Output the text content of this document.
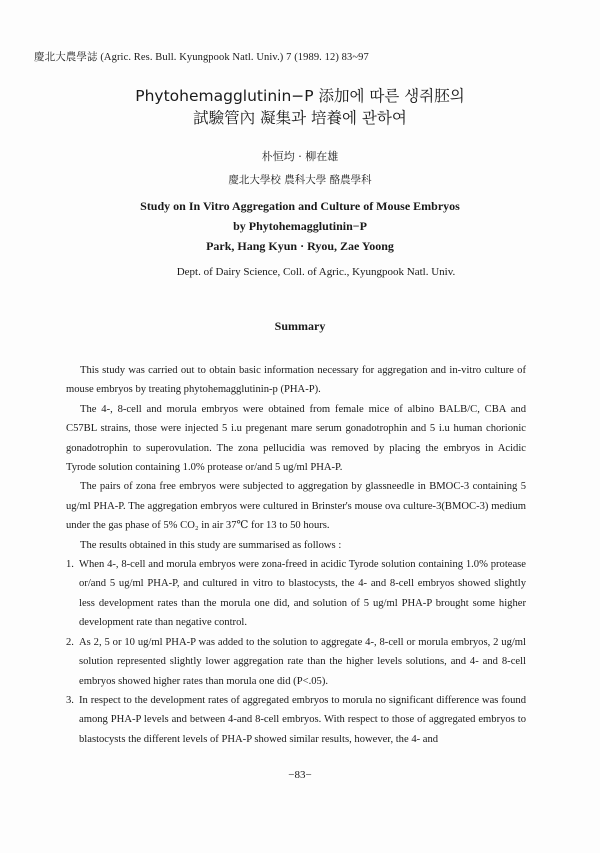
慶北大農學誌 (Agric. Res. Bull. Kyungpook Natl. Univ.) 7 (1989. 12) 83~97
Phytohemagglutinin−P 添加에 따른 생쥐胚의
試驗管內 凝集과 培養에 관하여
朴恒均 · 柳在雄
慶北大學校 農科大學 酪農學科
Study on In Vitro Aggregation and Culture of Mouse Embryos
by Phytohemagglutinin−P
Park, Hang Kyun · Ryou, Zae Yoong
Dept. of Dairy Science, Coll. of Agric., Kyungpook Natl. Univ.
Summary

This study was carried out to obtain basic information necessary for aggregation and in-vitro culture of mouse embryos by treating phytohemagglutinin-p (PHA-P).

The 4-, 8-cell and morula embryos were obtained from female mice of albino BALB/C, CBA and C57BL strains, those were injected 5 i.u pregenant mare serum gonadotrophin and 5 i.u human chorionic gonadotrophin to superovulation. The zona pellucidia was removed by placing the embryos in Acidic Tyrode solution containing 1.0% protease or/and 5 ug/ml PHA-P.

The pairs of zona free embryos were subjected to aggregation by glassneedle in BMOC-3 containing 5 ug/ml PHA-P. The aggregation embryos were cultured in Brinster's mouse ova culture-3(BMOC-3) medium under the gas phase of 5% CO₂ in air 37℃ for 13 to 50 hours.

The results obtained in this study are summarised as follows :

1. When 4-, 8-cell and morula embryos were zona-freed in acidic Tyrode solution containing 1.0% protease or/and 5 ug/ml PHA-P, and cultured in vitro to blastocysts, the 4- and 8-cell embryos showed slightly less development rates than the morula one did, and solution of 5 ug/ml PHA-P brought some higher development rate than negative control.
2. As 2, 5 or 10 ug/ml PHA-P was added to the solution to aggregate 4-, 8-cell or morula embryos, 2 ug/ml solution represented slightly lower aggregation rate than the higher levels solutions, and 4- and 8-cell embryos showed higher rates than morula one did (P<.05).
3. In respect to the development rates of aggregated embryos to morula no significant difference was found among PHA-P levels and between 4-and 8-cell embryos. With respect to those of aggregated embryos to blastocysts the different levels of PHA-P showed similar results, however, the 4- and
−83−
